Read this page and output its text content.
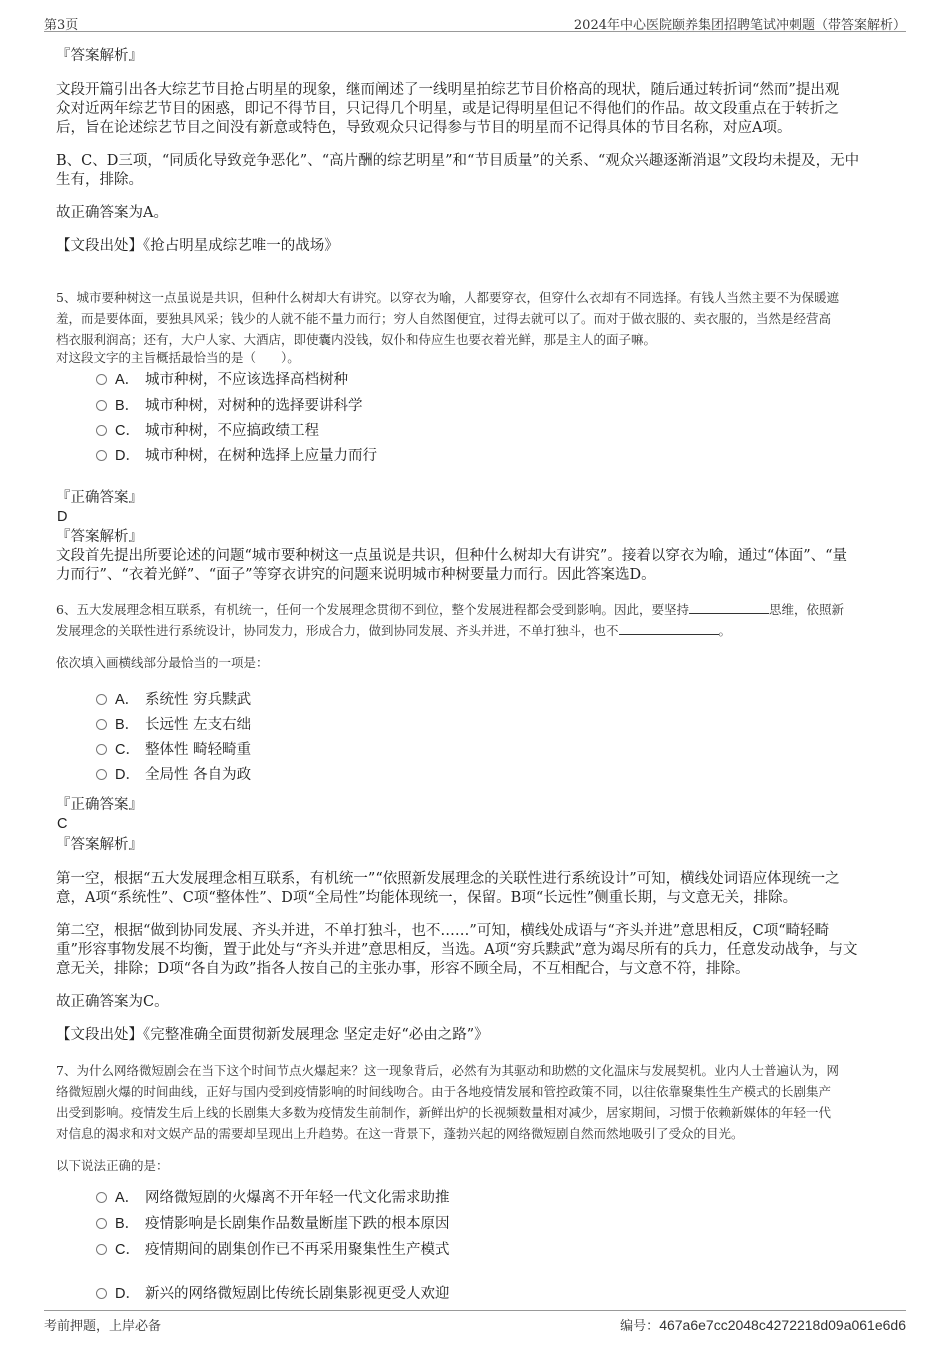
第3页	2024年中心医院颐养集团招聘笔试冲刺题（带答案解析）
『答案解析』
文段开篇引出各大综艺节目抢占明星的现象，继而阐述了一线明星拍综艺节目价格高的现状，随后通过转折词“然而”提出观
众对近两年综艺节目的困惑，即记不得节目，只记得几个明星，或是记得明星但记不得他们的作品。故文段重点在于转折之
后，旨在论述综艺节目之间没有新意或特色，导致观众只记得参与节目的明星而不记得具体的节目名称，对应A项。
B、C、D三项，“同质化导致竞争恶化”、“高片酬的综艺明星”和“节目质量”的关系、“观众兴趣逐渐消退”文段均未提及，无中
生有，排除。
故正确答案为A。
【文段出处】《抢占明星成综艺唯一的战场》
5、城市要种树这一点虽说是共识，但种什么树却大有讲究。以穿衣为喻，人都要穿衣，但穿什么衣却有不同选择。有钱人当然主要不为保暖遮
羞，而是要体面，要独具风采；钱少的人就不能不量力而行；穷人自然图便宜，过得去就可以了。而对于做衣服的、卖衣服的，当然是经营高
档衣服利润高；还有，大户人家、大酒店，即使囊内没钱，奴仆和侍应生也要衣着光鲜，那是主人的面子嘛。
对这段文字的主旨概括最恰当的是（　　）。
A． 城市种树，不应该选择高档树种
B． 城市种树，对树种的选择要讲科学
C． 城市种树，不应搞政绩工程
D． 城市种树，在树种选择上应量力而行
『正确答案』
D
『答案解析』
文段首先提出所要论述的问题“城市要种树这一点虽说是共识，但种什么树却大有讲究”。接着以穿衣为喻，通过“体面”、“量
力而行”、“衣着光鲜”、“面子”等穿衣讲究的问题来说明城市种树要量力而行。因此答案选D。
6、五大发展理念相互联系，有机统一，任何一个发展理念贯彻不到位，整个发展进程都会受到影响。因此，要坚持	思维，依照新
发展理念的关联性进行系统设计，协同发力，形成合力，做到协同发展、齐头并进，不单打独斗，也不	。
依次填入画横线部分最恰当的一项是：
A． 系统性 穷兵黩武
B． 长远性 左支右绌
C． 整体性 畸轻畸重
D． 全局性 各自为政
『正确答案』
C
『答案解析』
第一空，根据“五大发展理念相互联系，有机统一”“依照新发展理念的关联性进行系统设计”可知，横线处词语应体现统一之
意，A项“系统性”、C项“整体性”、D项“全局性”均能体现统一，保留。B项“长远性”侧重长期，与文意无关，排除。
第二空，根据“做到协同发展、齐头并进，不单打独斗，也不……”可知，横线处成语与“齐头并进”意思相反，C项“畸轻畸
重”形容事物发展不均衡，置于此处与“齐头并进”意思相反，当选。A项“穷兵黩武”意为竭尽所有的兵力，任意发动战争，与文
意无关，排除；D项“各自为政”指各人按自己的主张办事，形容不顾全局，不互相配合，与文意不符，排除。
故正确答案为C。
【文段出处】《完整准确全面贯彻新发展理念 坚定走好“必由之路”》
7、为什么网络微短剧会在当下这个时间节点火爆起来？这一现象背后，必然有为其驱动和助燃的文化温床与发展契机。业内人士普遍认为，网
络微短剧火爆的时间曲线，正好与国内受到疫情影响的时间线吻合。由于各地疫情发展和管控政策不同，以往依靠聚集性生产模式的长剧集产
出受到影响。疫情发生后上线的长剧集大多数为疫情发生前制作，新鲜出炉的长视频数量相对减少，居家期间，习惯于依赖新媒体的年轻一代
对信息的渴求和对文娱产品的需要却呈现出上升趋势。在这一背景下，蓬勃兴起的网络微短剧自然而然地吸引了受众的目光。
以下说法正确的是：
A． 网络微短剧的火爆离不开年轻一代文化需求助推
B． 疫情影响是长剧集作品数量断崖下跌的根本原因
C． 疫情期间的剧集创作已不再采用聚集性生产模式
D． 新兴的网络微短剧比传统长剧集影视更受人欢迎
考前押题，上岸必备	编号：467a6e7cc2048c4272218d09a061e6d6
